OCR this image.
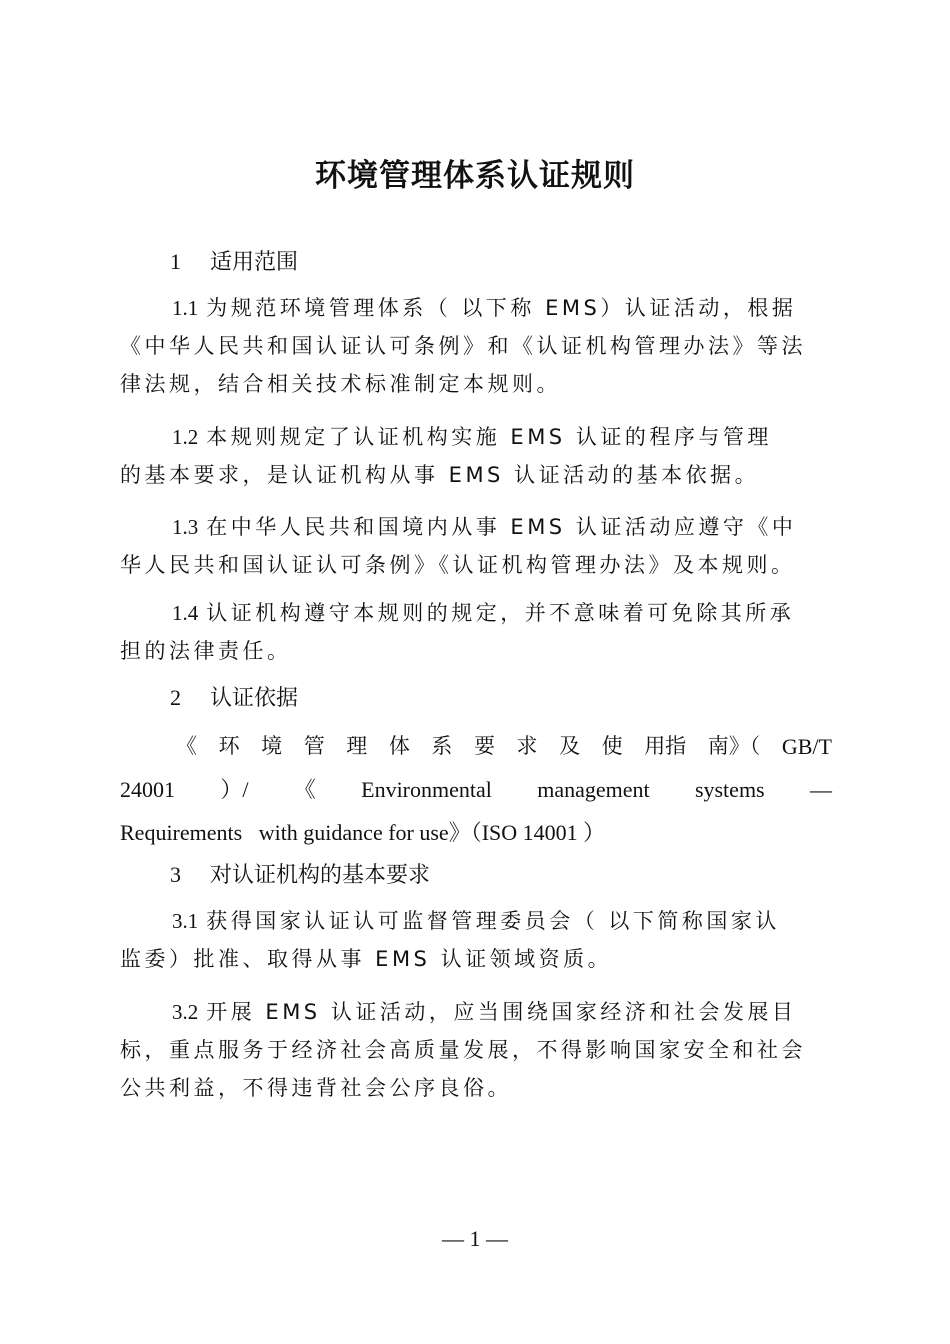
环境管理体系认证规则
1 适用范围
1.1 为规范环境管理体系（ 以下称 EMS）认证活动，根据
《中华人民共和国认证认可条例》和《认证机构管理办法》等法
律法规，结合相关技术标准制定本规则。
1.2 本规则规定了认证机构实施 EMS 认证的程序与管理
的基本要求，是认证机构从事 EMS 认证活动的基本依据。
1.3 在中华人民共和国境内从事 EMS 认证活动应遵守《中
华人民共和国认证认可条例》《认证机构管理办法》及本规则。
1.4 认证机构遵守本规则的规定，并不意味着可免除其所承
担的法律责任。
2 认证依据
《 环 境 管 理 体 系 要 求 及 使 用指 南》（ GB/T
24001 ）/ 《 Environmental management systems —
Requirements   with guidance for use》（ISO 14001 ）
3 对认证机构的基本要求
3.1 获得国家认证认可监督管理委员会（ 以下简称国家认
监委）批准、取得从事 EMS 认证领域资质。
3.2 开展 EMS 认证活动，应当围绕国家经济和社会发展目
标，重点服务于经济社会高质量发展，不得影响国家安全和社会
公共利益，不得违背社会公序良俗。
— 1 —
